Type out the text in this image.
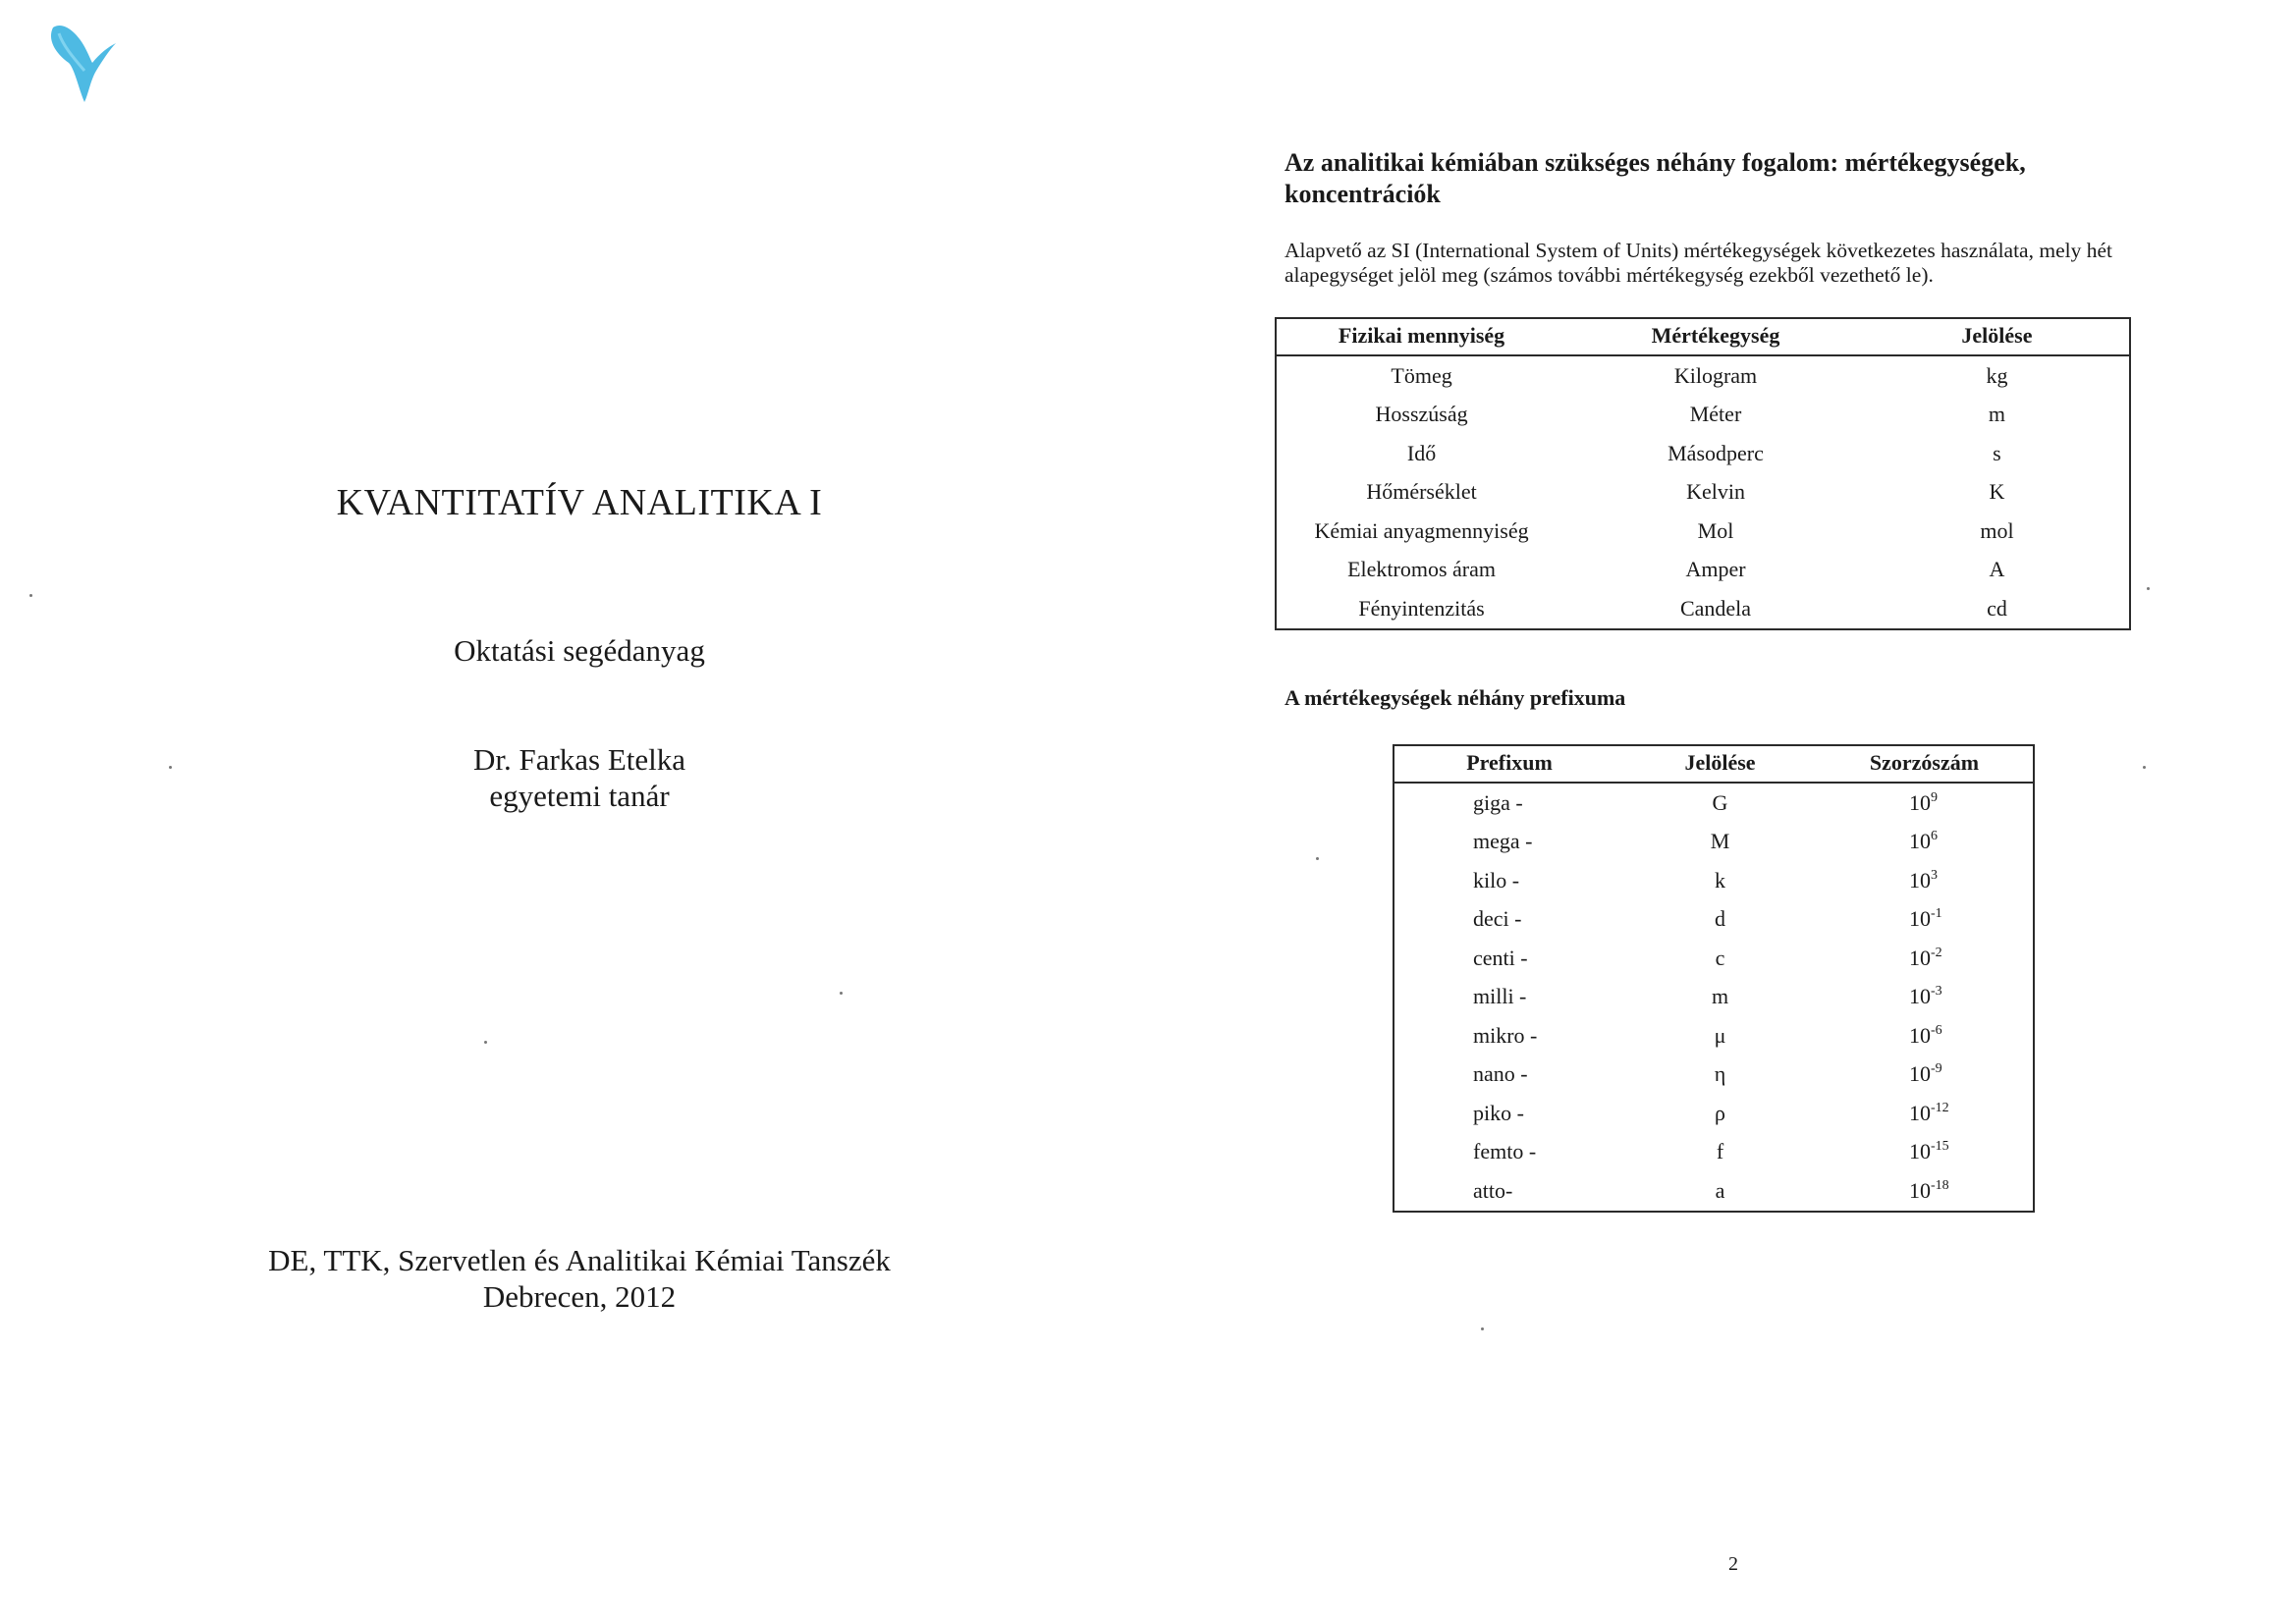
KVANTITATÍV ANALITIKA I
Oktatási segédanyag
Dr. Farkas Etelka
egyetemi tanár
DE, TTK, Szervetlen és Analitikai Kémiai Tanszék
Debrecen, 2012
Az analitikai kémiában szükséges néhány fogalom: mértékegységek, koncentrációk
Alapvető az SI (International System of Units) mértékegységek következetes használata, mely hét alapegységet jelöl meg (számos további mértékegység ezekből vezethető le).
Fizikai mennyiség	Mértékegység	Jelölése
Tömeg	Kilogram	kg
Hosszúság	Méter	m
Idő	Másodperc	s
Hőmérséklet	Kelvin	K
Kémiai anyagmennyiség	Mol	mol
Elektromos áram	Amper	A
Fényintenzitás	Candela	cd
A mértékegységek néhány prefixuma
Prefixum	Jelölése	Szorzószám
giga -	G	$10^9$
mega -	M	$10^6$
kilo -	k	$10^3$
deci -	d	$10^{-1}$
centi -	c	$10^{-2}$
milli -	m	$10^{-3}$
mikro -	μ	$10^{-6}$
nano -	η	$10^{-9}$
piko -	ρ	$10^{-12}$
femto -	f	$10^{-15}$
atto-	a	$10^{-18}$
2
